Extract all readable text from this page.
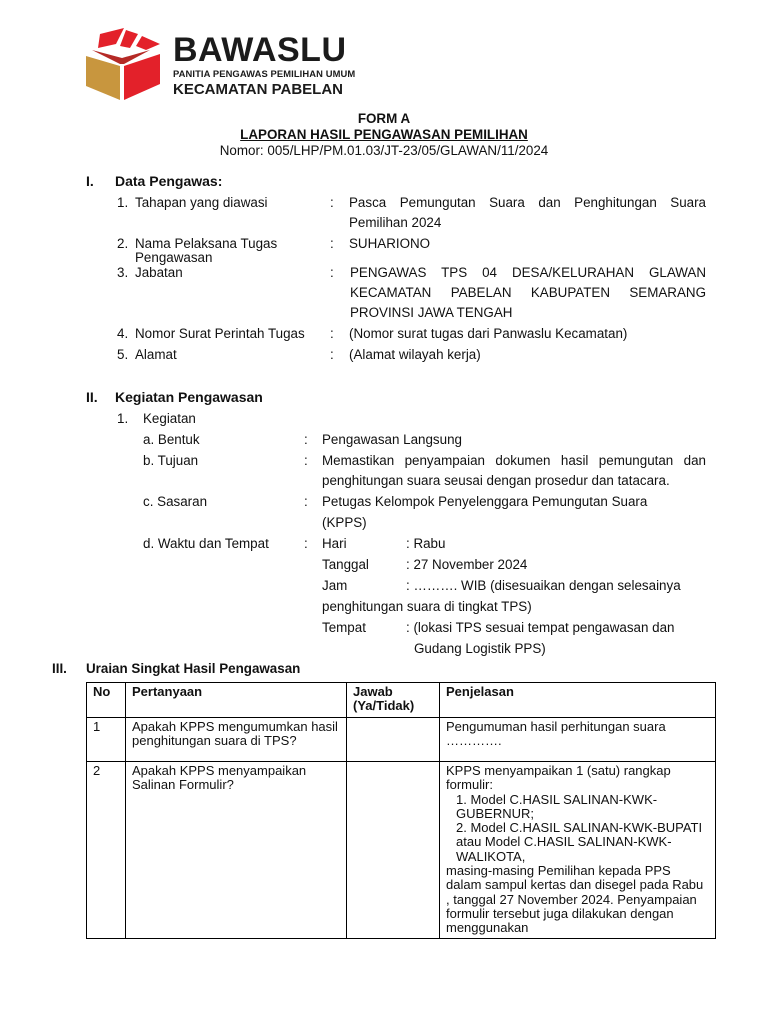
BAWASLU
PANITIA PENGAWAS PEMILIHAN UMUM
KECAMATAN PABELAN
FORM A
LAPORAN HASIL PENGAWASAN PEMILIHAN
Nomor: 005/LHP/PM.01.03/JT-23/05/GLAWAN/11/2024
I. Data Pengawas:
1. Tahapan yang diawasi	: Pasca Pemungutan Suara dan Penghitungan Suara
Pemilihan 2024
2. Nama Pelaksana Tugas
Pengawasan
: SUHARIONO
3. Jabatan	: PENGAWAS TPS 04 DESA/KELURAHAN GLAWAN
KECAMATAN PABELAN KABUPATEN SEMARANG
PROVINSI JAWA TENGAH
4. Nomor Surat Perintah Tugas : (Nomor surat tugas dari Panwaslu Kecamatan)
5. Alamat	: (Alamat wilayah kerja)
II. Kegiatan Pengawasan
1. Kegiatan
a. Bentuk	: Pengawasan Langsung
b. Tujuan	: Memastikan penyampaian dokumen hasil pemungutan dan
penghitungan suara seusai dengan prosedur dan tatacara.
c. Sasaran	: Petugas Kelompok Penyelenggara Pemungutan Suara
(KPPS)
d. Waktu dan Tempat	: Hari	: Rabu
Tanggal	: 27 November 2024
Jam	: ………. WIB (disesuaikan dengan selesainya
penghitungan suara di tingkat TPS)
Tempat	: (lokasi TPS sesuai tempat pengawasan dan
Gudang Logistik PPS)
III. Uraian Singkat Hasil Pengawasan
No	Pertanyaan	Jawab
(Ya/Tidak)	Penjelasan
1	Apakah KPPS mengumumkan hasil penghitungan suara di TPS?		Pengumuman hasil perhitungan suara ………….
2	Apakah KPPS menyampaikan Salinan Formulir?		KPPS menyampaikan 1 (satu) rangkap formulir:
1. Model C.HASIL SALINAN-KWK-GUBERNUR;
2. Model C.HASIL SALINAN-KWK-BUPATI atau Model C.HASIL SALINAN-KWK-WALIKOTA,
masing-masing Pemilihan kepada PPS dalam sampul kertas dan disegel pada Rabu , tanggal 27 November 2024. Penyampaian formulir tersebut juga dilakukan dengan menggunakan
